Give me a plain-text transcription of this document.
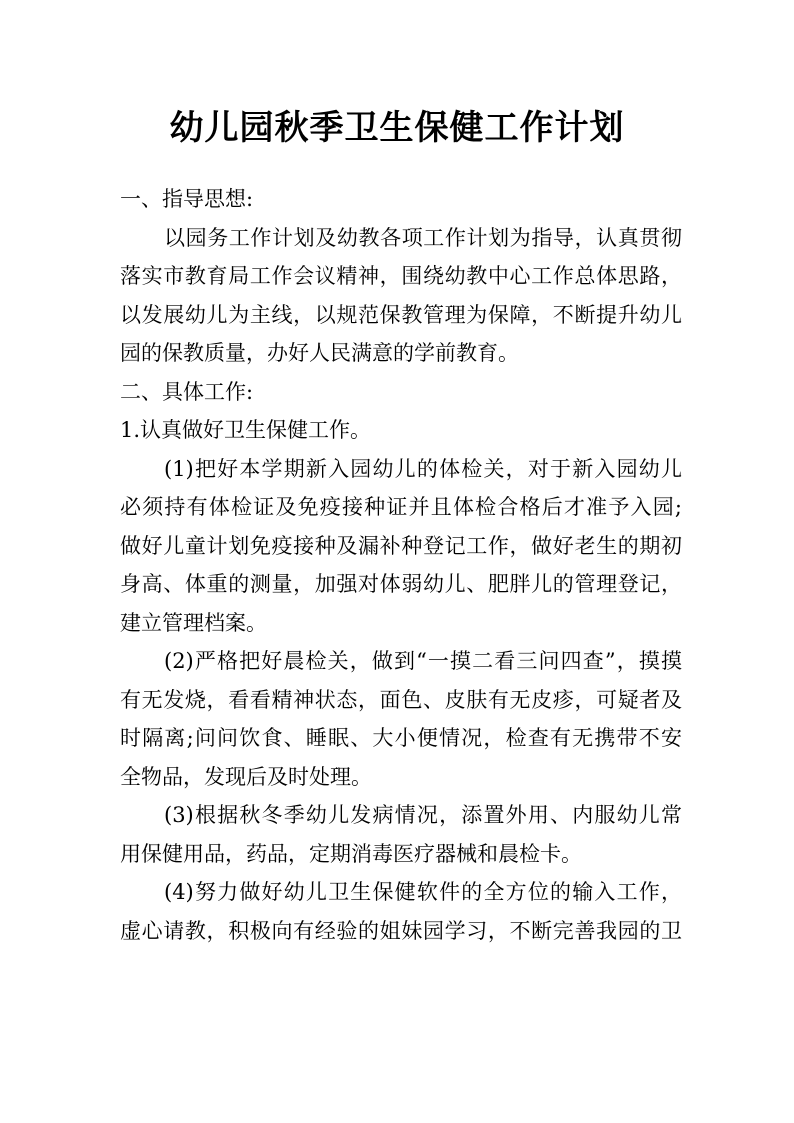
幼儿园秋季卫生保健工作计划

一、指导思想:

以园务工作计划及幼教各项工作计划为指导，认真贯彻

落实市教育局工作会议精神，围绕幼教中心工作总体思路，

以发展幼儿为主线，以规范保教管理为保障，不断提升幼儿

园的保教质量，办好人民满意的学前教育。

二、具体工作:

1.认真做好卫生保健工作。

(1)把好本学期新入园幼儿的体检关，对于新入园幼儿

必须持有体检证及免疫接种证并且体检合格后才准予入园;

做好儿童计划免疫接种及漏补种登记工作，做好老生的期初

身高、体重的测量，加强对体弱幼儿、肥胖儿的管理登记，

建立管理档案。

(2)严格把好晨检关，做到“一摸二看三问四查”，摸摸

有无发烧，看看精神状态，面色、皮肤有无皮疹，可疑者及

时隔离;问问饮食、睡眠、大小便情况，检查有无携带不安

全物品，发现后及时处理。

(3)根据秋冬季幼儿发病情况，添置外用、内服幼儿常

用保健用品，药品，定期消毒医疗器械和晨检卡。

(4)努力做好幼儿卫生保健软件的全方位的输入工作，

虚心请教，积极向有经验的姐妹园学习，不断完善我园的卫
